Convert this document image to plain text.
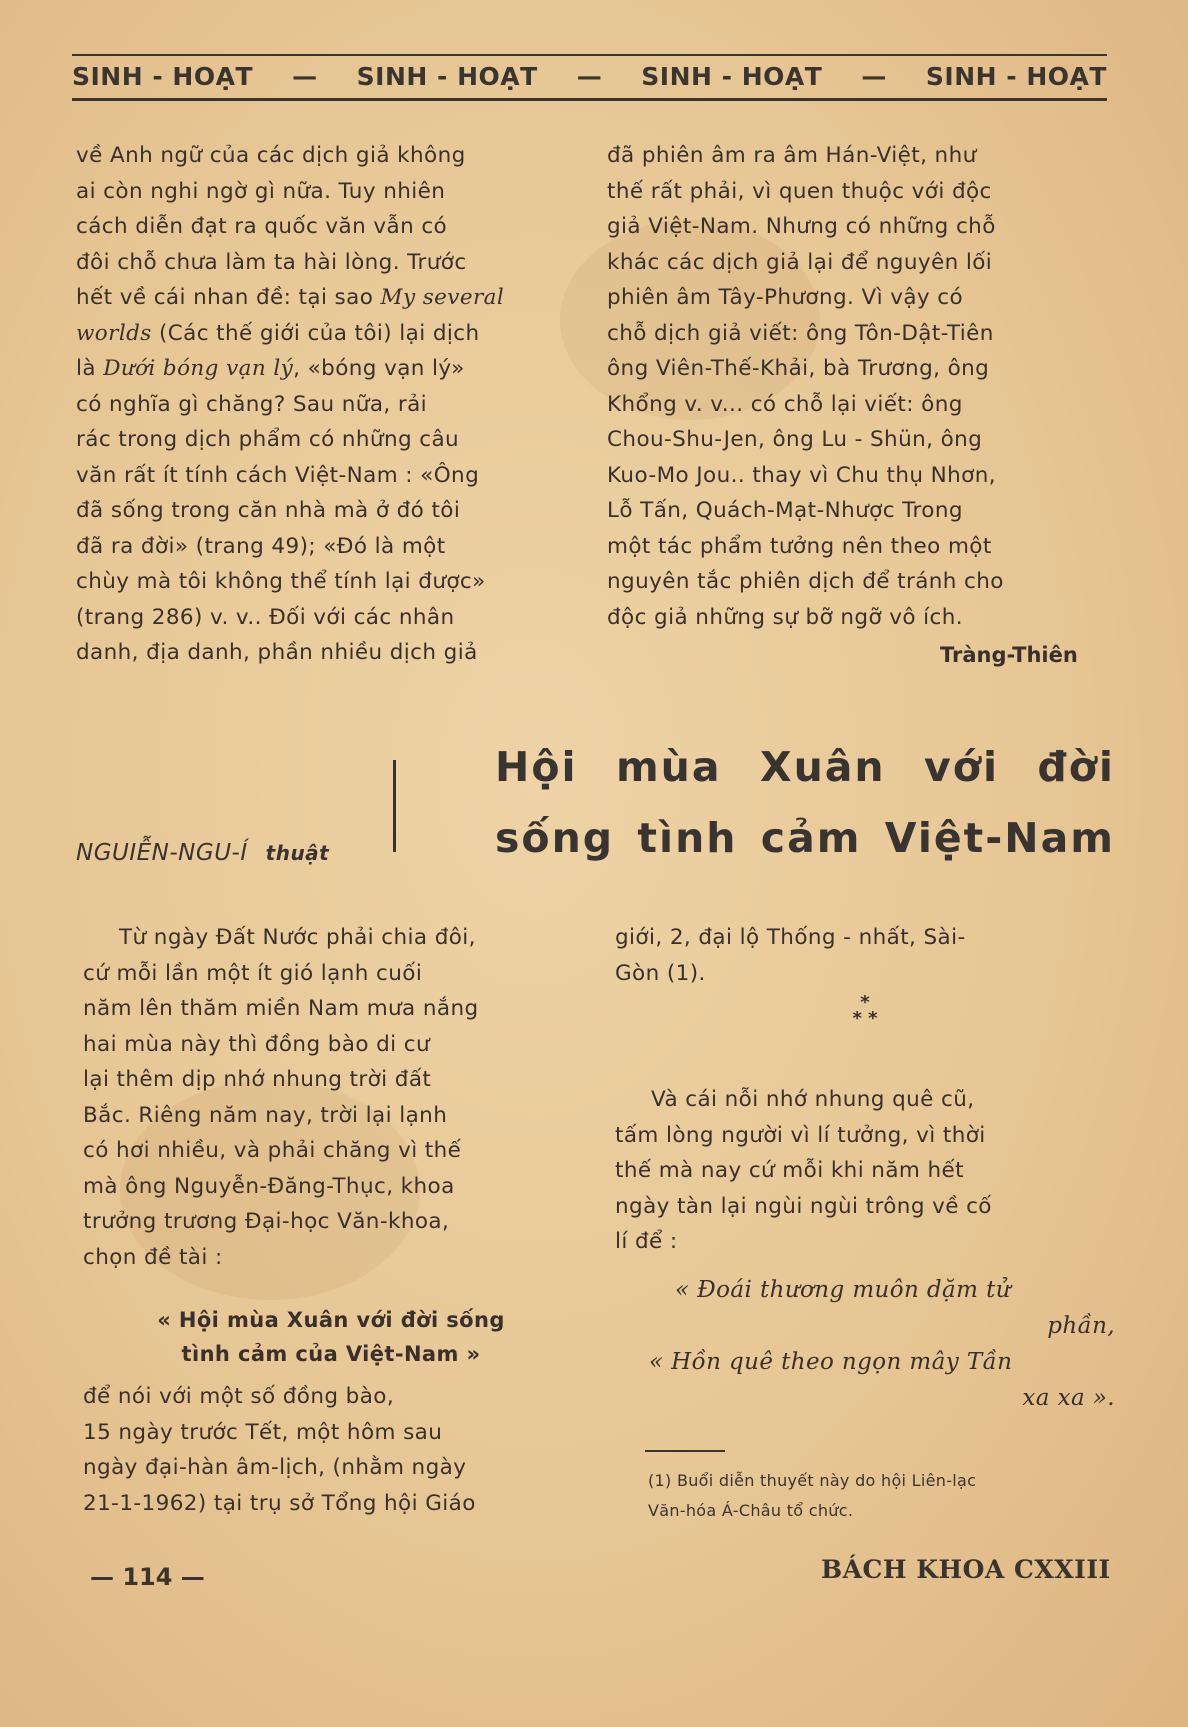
SINH - HOẠT — SINH - HOẠT — SINH - HOẠT — SINH - HOẠT

về Anh ngữ của các dịch giả không

ai còn nghi ngờ gì nữa. Tuy nhiên

cách diễn đạt ra quốc văn vẫn có

đôi chỗ chưa làm ta hài lòng. Trước

hết về cái nhan đề: tại sao My several

worlds (Các thế giới của tôi) lại dịch

là Dưới bóng vạn lý, «bóng vạn lý»

có nghĩa gì chăng? Sau nữa, rải

rác trong dịch phẩm có những câu

văn rất ít tính cách Việt-Nam : «Ông

đã sống trong căn nhà mà ở đó tôi

đã ra đời» (trang 49); «Đó là một

chùy mà tôi không thể tính lại được»

(trang 286) v. v.. Đối với các nhân

danh, địa danh, phần nhiều dịch giả

đã phiên âm ra âm Hán-Việt, như

thế rất phải, vì quen thuộc với độc

giả Việt-Nam. Nhưng có những chỗ

khác các dịch giả lại để nguyên lối

phiên âm Tây-Phương. Vì vậy có

chỗ dịch giả viết: ông Tôn-Dật-Tiên

ông Viên-Thế-Khải, bà Trương, ông

Khổng v. v... có chỗ lại viết: ông

Chou-Shu-Jen, ông Lu - Shün, ông

Kuo-Mo Jou.. thay vì Chu thụ Nhơn,

Lỗ Tấn, Quách-Mạt-Nhược Trong

một tác phẩm tưởng nên theo một

nguyên tắc phiên dịch để tránh cho

độc giả những sự bỡ ngỡ vô ích.

Tràng-Thiên
NGUIỄN-NGU-Í thuật
Hội mùa Xuân với đời
sống tình cảm Việt-Nam

Từ ngày Đất Nước phải chia đôi,

cứ mỗi lần một ít gió lạnh cuối

năm lên thăm miền Nam mưa nắng

hai mùa này thì đồng bào di cư

lại thêm dịp nhớ nhung trời đất

Bắc. Riêng năm nay, trời lại lạnh

có hơi nhiều, và phải chăng vì thế

mà ông Nguyễn-Đăng-Thục, khoa

trưởng trương Đại-học Văn-khoa,

chọn đề tài :

« Hội mùa Xuân với đời sống

tình cảm của Việt-Nam »

để nói với một số đồng bào,

15 ngày trước Tết, một hôm sau

ngày đại-hàn âm-lịch, (nhằm ngày

21-1-1962) tại trụ sở Tổng hội Giáo

giới, 2, đại lộ Thống - nhất, Sài-

Gòn (1).

*
* *

Và cái nỗi nhớ nhung quê cũ,

tấm lòng người vì lí tưởng, vì thời

thế mà nay cứ mỗi khi năm hết

ngày tàn lại ngùi ngùi trông về cố

lí để :

« Đoái thương muôn dặm tử
phần,
« Hồn quê theo ngọn mây Tần
xa xa ».
(1) Buổi diễn thuyết này do hội Liên-lạc
Văn-hóa Á-Châu tổ chức.
— 114 —	BÁCH KHOA CXXIII
